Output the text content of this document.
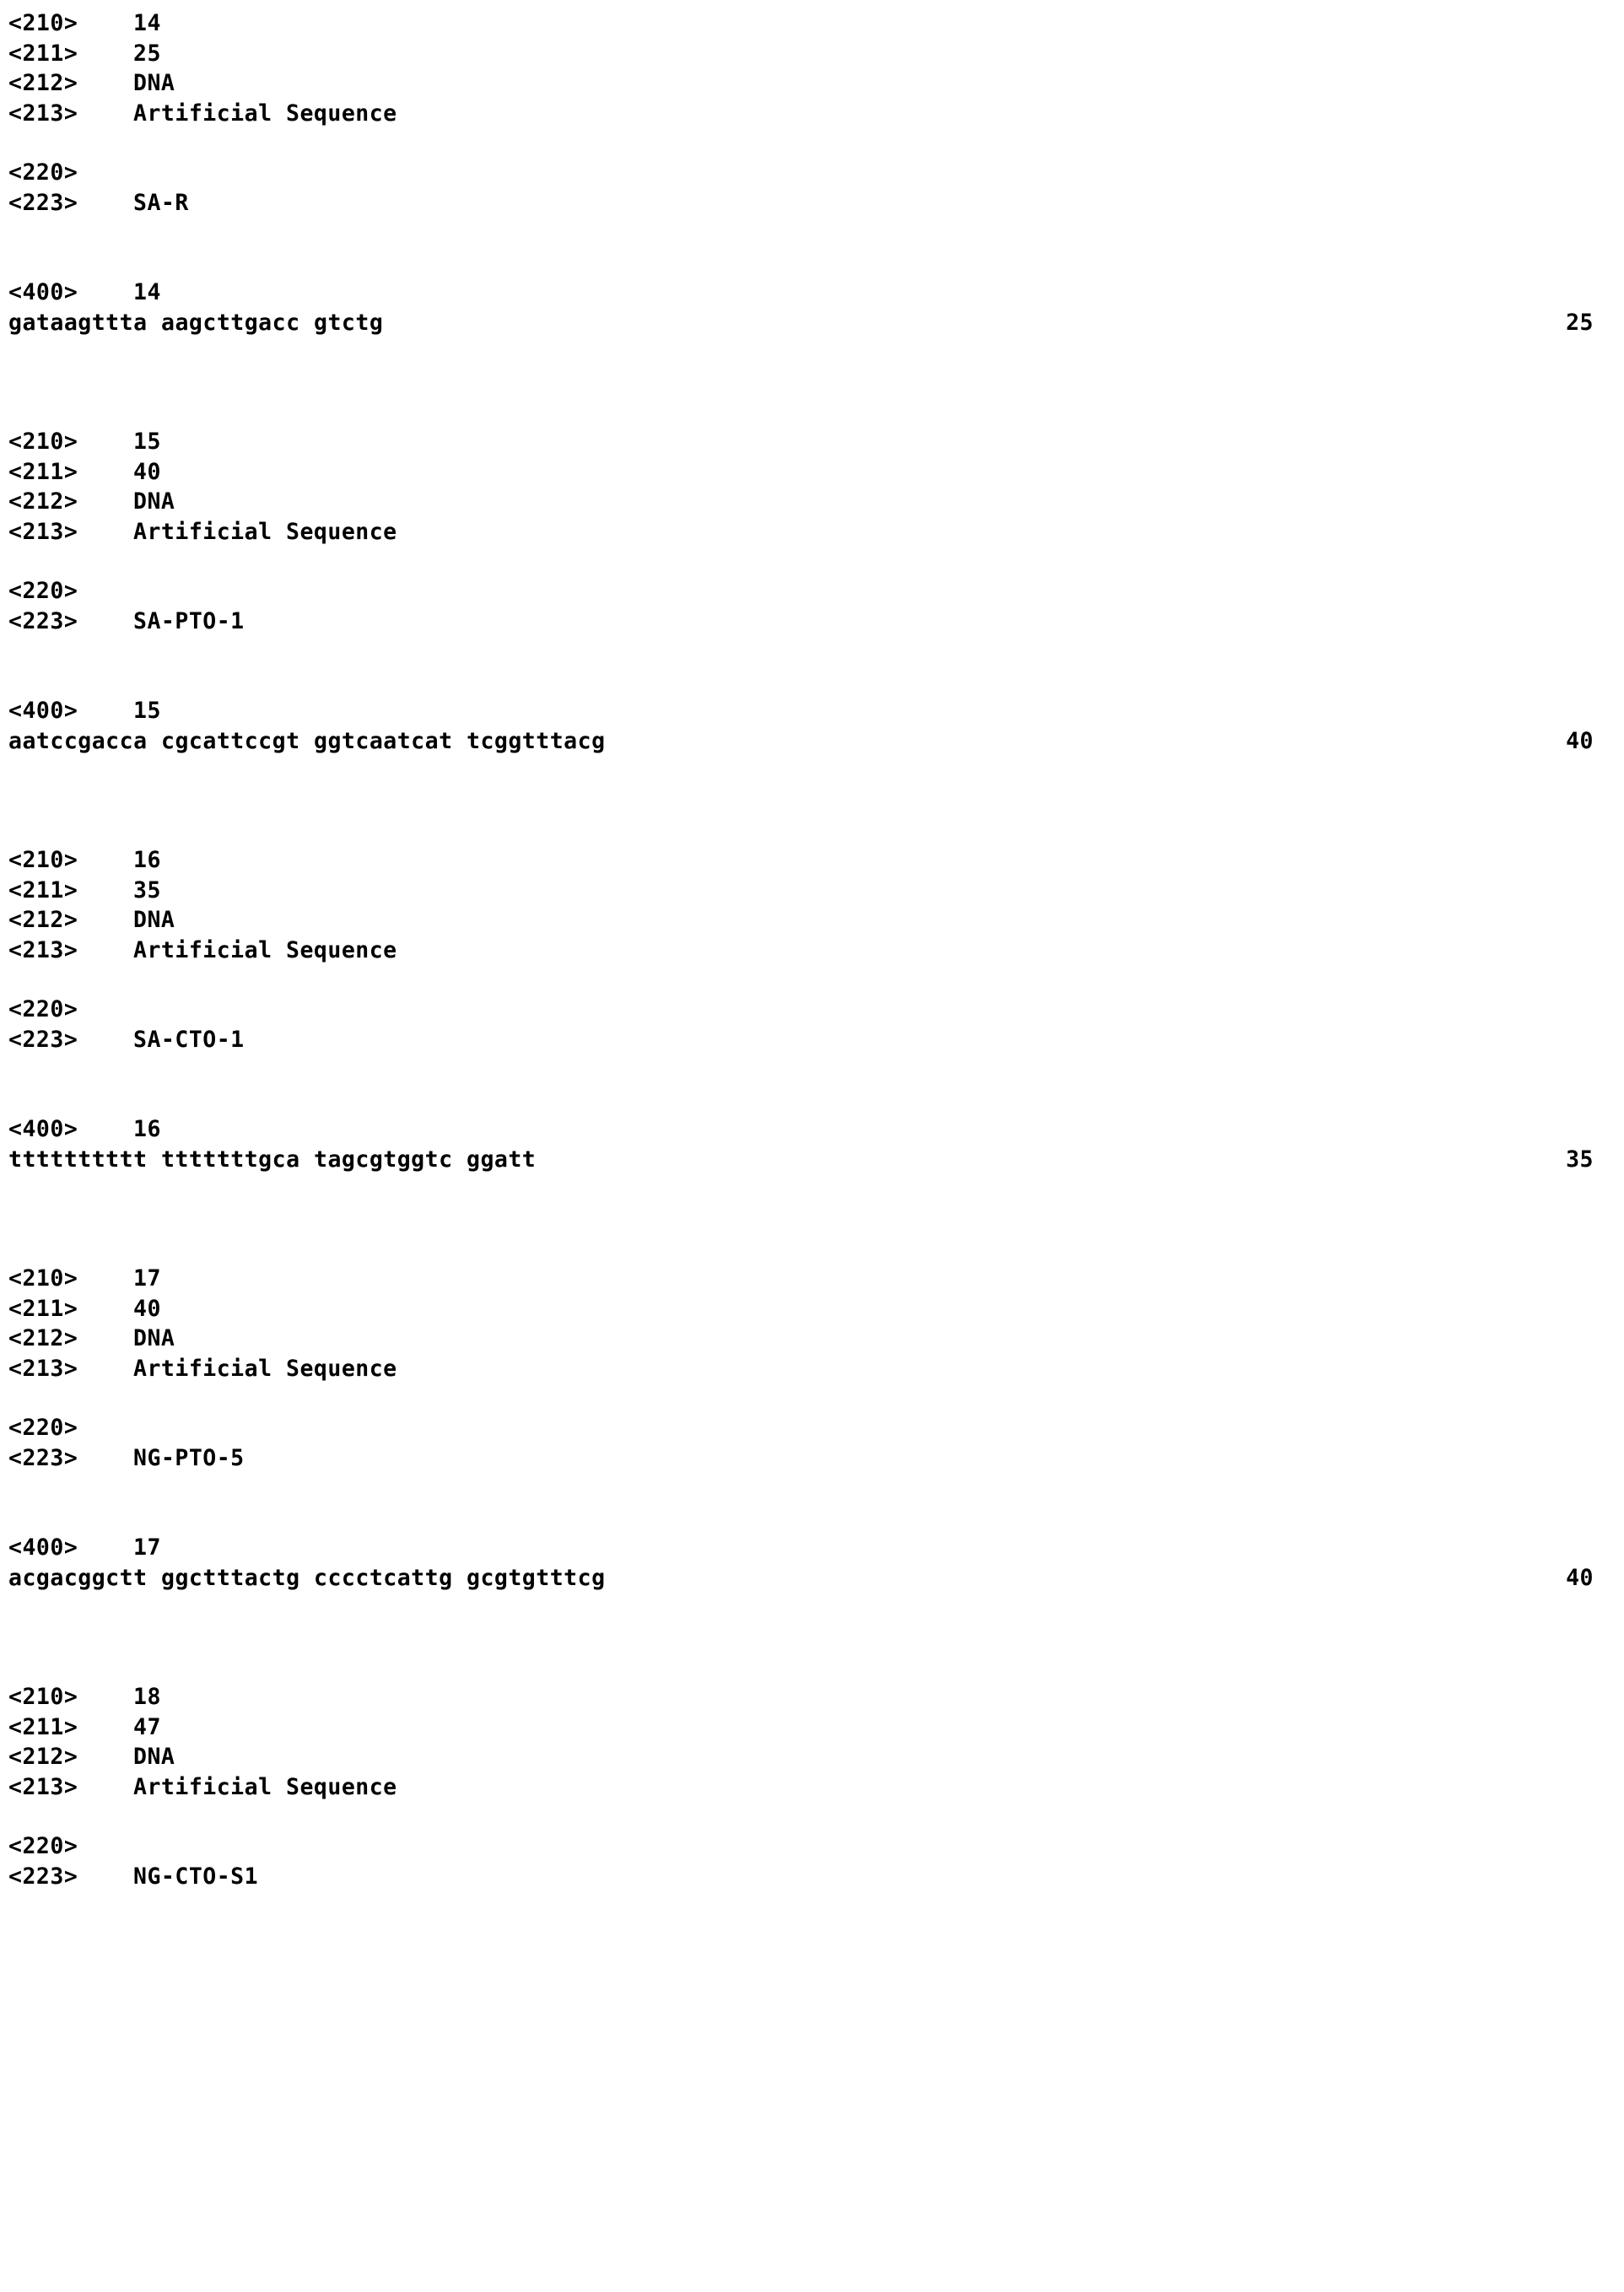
<210>	14
<211>	25
<212>	DNA
<213>	Artificial Sequence
<220>
<223>	SA-R
<400>	14
gataagttta aagcttgacc gtctg	25
<210>	15
<211>	40
<212>	DNA
<213>	Artificial Sequence
<220>
<223>	SA-PTO-1
<400>	15
aatccgacca cgcattccgt ggtcaatcat tcggtttacg	40
<210>	16
<211>	35
<212>	DNA
<213>	Artificial Sequence
<220>
<223>	SA-CTO-1
<400>	16
tttttttttt tttttttgca tagcgtggtc ggatt	35
<210>	17
<211>	40
<212>	DNA
<213>	Artificial Sequence
<220>
<223>	NG-PTO-5
<400>	17
acgacggctt ggctttactg cccctcattg gcgtgtttcg	40
<210>	18
<211>	47
<212>	DNA
<213>	Artificial Sequence
<220>
<223>	NG-CTO-S1
